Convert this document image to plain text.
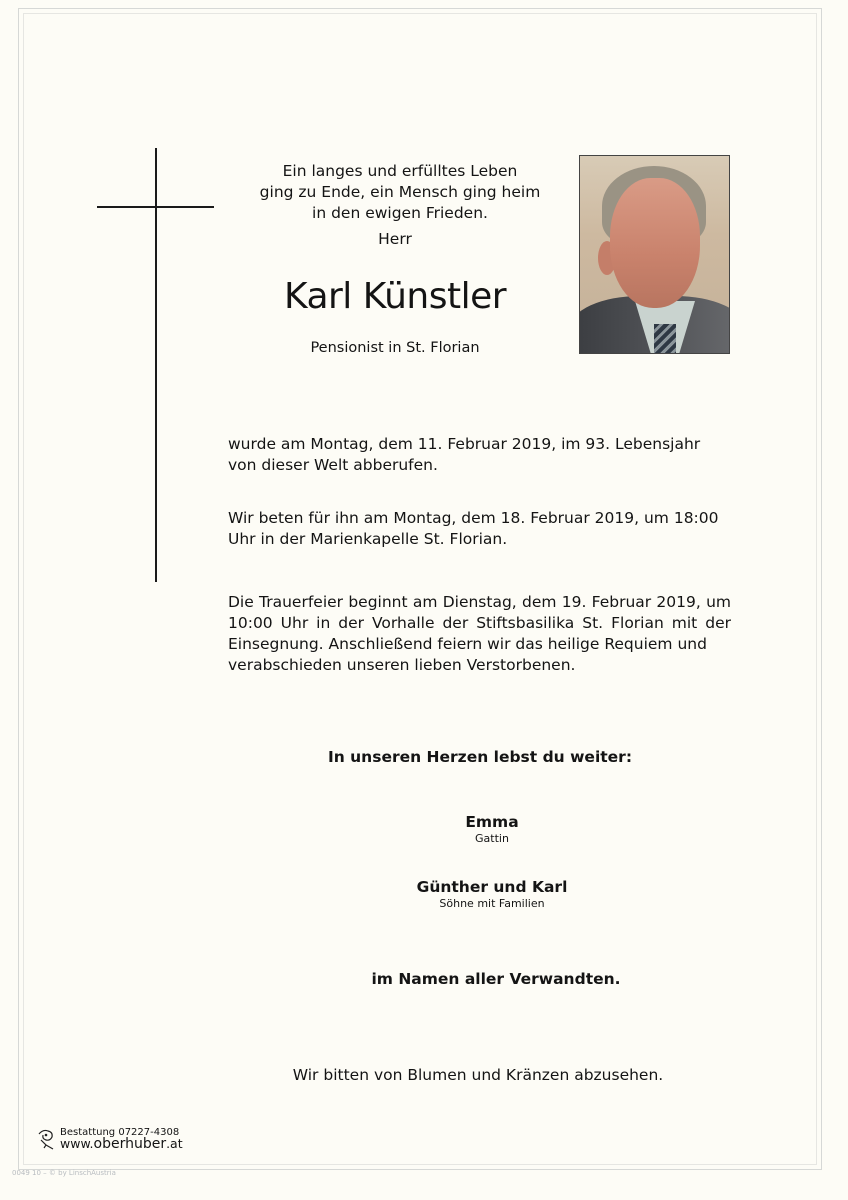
Ein langes und erfülltes Leben
ging zu Ende, ein Mensch ging heim
in den ewigen Frieden.
Herr
Karl Künstler
Pensionist in St. Florian
wurde am Montag, dem 11. Februar 2019, im 93. Lebensjahr von dieser Welt abberufen.
Wir beten für ihn am Montag, dem 18. Februar 2019, um 18:00 Uhr in der Marienkapelle St. Florian.
Die Trauerfeier beginnt am Dienstag, dem 19. Februar 2019, um 10:00 Uhr in der Vorhalle der Stiftsbasilika St. Florian mit der Einsegnung. Anschließend feiern wir das heilige Requiem und
verabschieden unseren lieben Verstorbenen.
In unseren Herzen lebst du weiter:
Emma
Gattin
Günther und Karl
Söhne mit Familien
im Namen aller Verwandten.
Wir bitten von Blumen und Kränzen abzusehen.
Bestattung 07227-4308
www.oberhuber.at
0049 10 – © by LinschAustria
